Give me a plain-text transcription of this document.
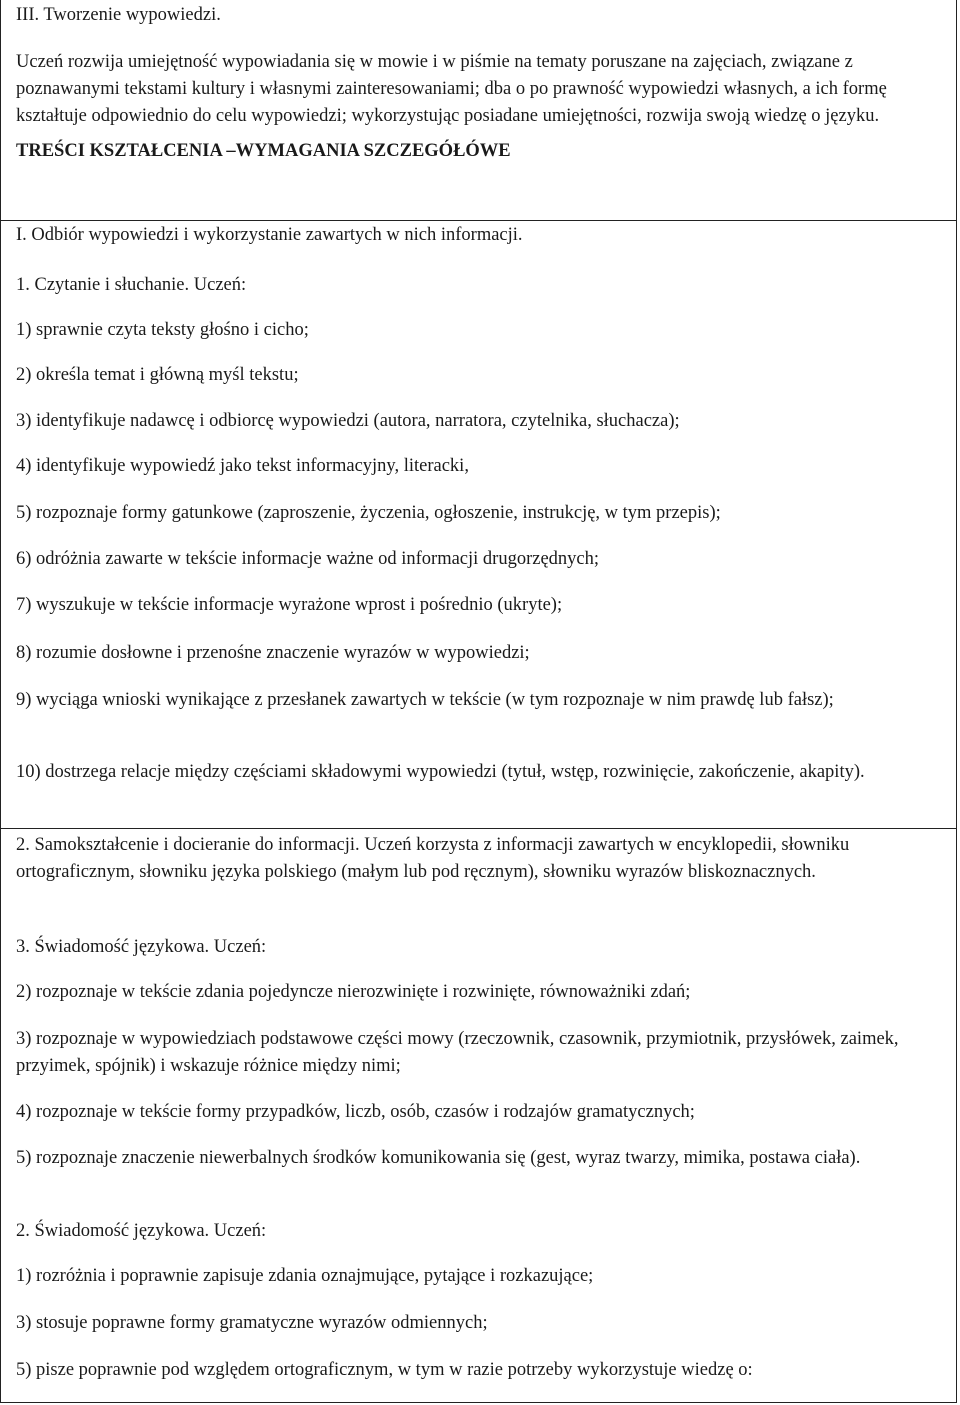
III. Tworzenie wypowiedzi.

Uczeń rozwija umiejętność wypowiadania się w mowie i w piśmie na tematy poruszane na zajęciach, związane z poznawanymi tekstami kultury i własnymi zainteresowaniami; dba o po prawność wypowiedzi własnych, a ich formę kształtuje odpowiednio do celu wypowiedzi; wykorzystując posiadane umiejętności, rozwija swoją wiedzę o języku.

TREŚCI KSZTAŁCENIA –WYMAGANIA SZCZEGÓŁÓWE

I. Odbiór wypowiedzi i wykorzystanie zawartych w nich informacji.
1. Czytanie i słuchanie. Uczeń:
1) sprawnie czyta teksty głośno i cicho;
2) określa temat i główną myśl tekstu;
3) identyfikuje nadawcę i odbiorcę wypowiedzi (autora, narratora, czytelnika, słuchacza);
4) identyfikuje wypowiedź jako tekst informacyjny, literacki,
5) rozpoznaje formy gatunkowe (zaproszenie, życzenia, ogłoszenie, instrukcję, w tym przepis);
6) odróżnia zawarte w tekście informacje ważne od informacji drugorzędnych;
7) wyszukuje w tekście informacje wyrażone wprost i pośrednio (ukryte);
8) rozumie dosłowne i przenośne znaczenie wyrazów w wypowiedzi;
9) wyciąga wnioski wynikające z przesłanek zawartych w tekście (w tym rozpoznaje w nim prawdę lub fałsz);
10) dostrzega relacje między częściami składowymi wypowiedzi (tytuł, wstęp, rozwinięcie, zakończenie, akapity).
2. Samokształcenie i docieranie do informacji. Uczeń korzysta z informacji zawartych w encyklopedii, słowniku ortograficznym, słowniku języka polskiego (małym lub pod ręcznym), słowniku wyrazów bliskoznacznych.
3. Świadomość językowa. Uczeń:
2) rozpoznaje w tekście zdania pojedyncze nierozwinięte i rozwinięte, równoważniki zdań;
3) rozpoznaje w wypowiedziach podstawowe części mowy (rzeczownik, czasownik, przymiotnik, przysłówek, zaimek, przyimek, spójnik) i wskazuje różnice między nimi;
4) rozpoznaje w tekście formy przypadków, liczb, osób, czasów i rodzajów gramatycznych;
5) rozpoznaje znaczenie niewerbalnych środków komunikowania się (gest, wyraz twarzy, mimika, postawa ciała).
2. Świadomość językowa. Uczeń:
1) rozróżnia i poprawnie zapisuje zdania oznajmujące, pytające i rozkazujące;
3) stosuje poprawne formy gramatyczne wyrazów odmiennych;
5) pisze poprawnie pod względem ortograficznym, w tym w razie potrzeby wykorzystuje wiedzę o:
